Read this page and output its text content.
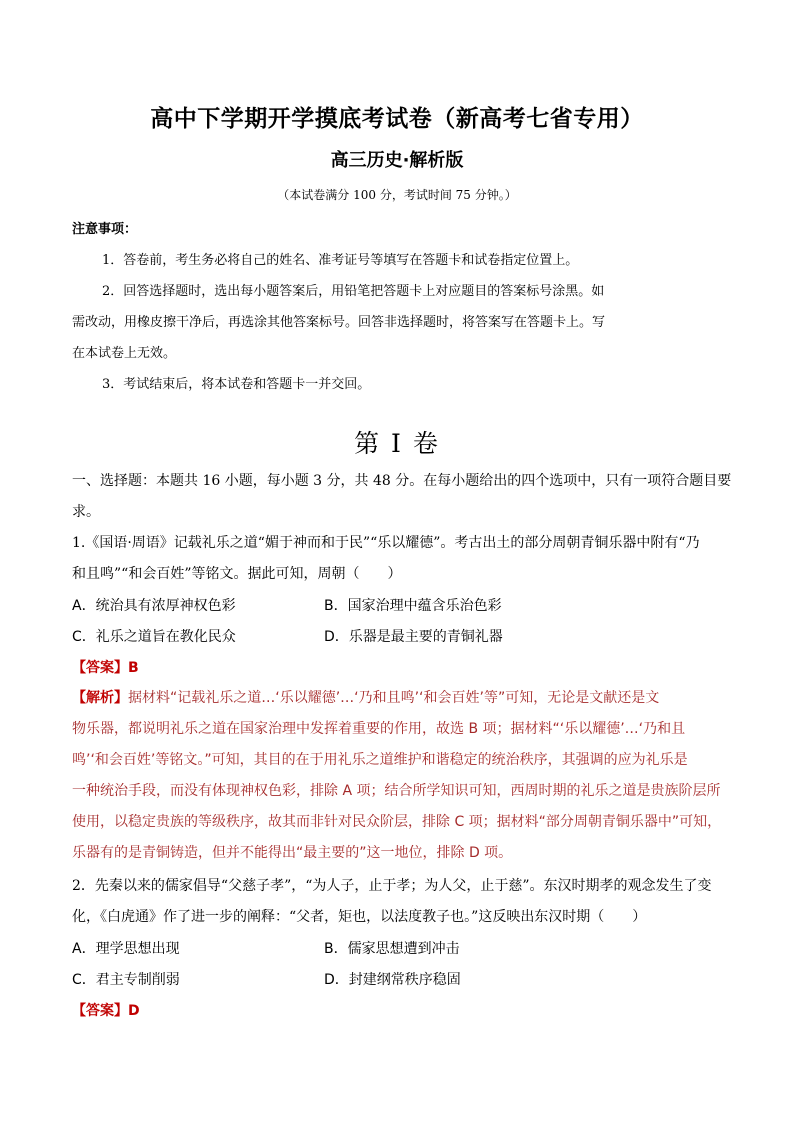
高中下学期开学摸底考试卷（新高考七省专用）
高三历史·解析版
（本试卷满分 100 分，考试时间 75 分钟。）
注意事项：
1．答卷前，考生务必将自己的姓名、准考证号等填写在答题卡和试卷指定位置上。
2．回答选择题时，选出每小题答案后，用铅笔把答题卡上对应题目的答案标号涂黑。如
需改动，用橡皮擦干净后，再选涂其他答案标号。回答非选择题时，将答案写在答题卡上。写
在本试卷上无效。
3．考试结束后，将本试卷和答题卡一并交回。
第 I 卷
一、选择题：本题共 16 小题，每小题 3 分，共 48 分。在每小题给出的四个选项中，只有一项符合题目要
求。
1.《国语·周语》记载礼乐之道“媚于神而和于民”“乐以耀德”。考古出土的部分周朝青铜乐器中附有“乃
和且鸣”“和会百姓”等铭文。据此可知，周朝（　　）
A．统治具有浓厚神权色彩	B．国家治理中蕴含乐治色彩
C．礼乐之道旨在教化民众	D．乐器是最主要的青铜礼器
【答案】B
【解析】据材料“记载礼乐之道…‘乐以耀德’…‘乃和且鸣’‘和会百姓’等”可知，无论是文献还是文
物乐器，都说明礼乐之道在国家治理中发挥着重要的作用，故选 B 项；据材料“‘乐以耀德’…‘乃和且
鸣’‘和会百姓’等铭文。”可知，其目的在于用礼乐之道维护和谐稳定的统治秩序，其强调的应为礼乐是
一种统治手段，而没有体现神权色彩，排除 A 项；结合所学知识可知，西周时期的礼乐之道是贵族阶层所
使用，以稳定贵族的等级秩序，故其而非针对民众阶层，排除 C 项；据材料“部分周朝青铜乐器中”可知，
乐器有的是青铜铸造，但并不能得出“最主要的”这一地位，排除 D 项。
2．先秦以来的儒家倡导“父慈子孝”，“为人子，止于孝；为人父，止于慈”。东汉时期孝的观念发生了变
化，《白虎通》作了进一步的阐释：“父者，矩也，以法度教子也。”这反映出东汉时期（　　）
A．理学思想出现	B．儒家思想遭到冲击
C．君主专制削弱	D．封建纲常秩序稳固
【答案】D
